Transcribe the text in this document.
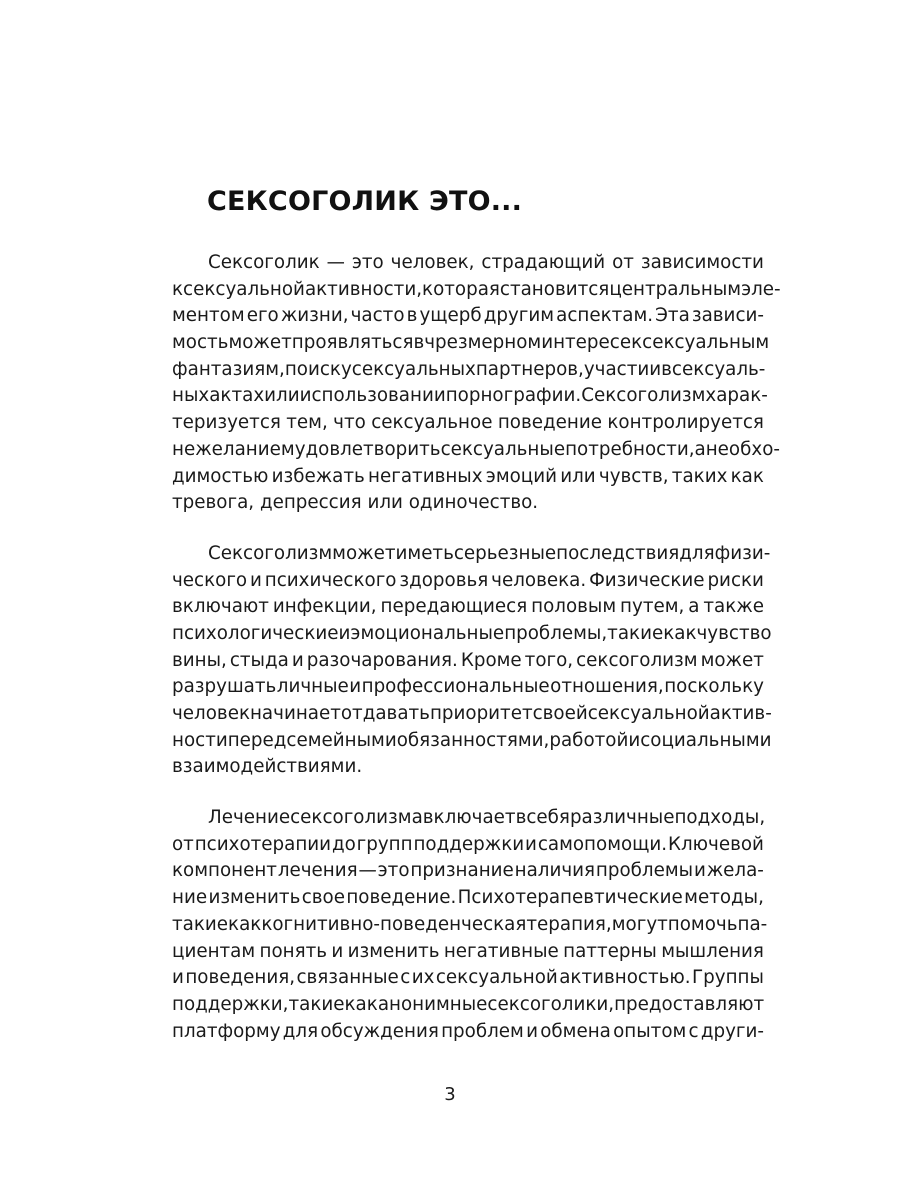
СЕКСОГОЛИК ЭТО...
Сексоголик — это человек, страдающий от зависимости
к сексуальной активности, которая становится центральным эле-
ментом его жизни, часто в ущерб другим аспектам. Эта зависи-
мость может проявляться в чрезмерном интересе к сексуальным
фантазиям, поиску сексуальных партнеров, участии в сексуаль-
ных актах или использовании порнографии. Сексоголизм харак-
теризуется тем, что сексуальное поведение контролируется
не желанием удовлетворить сексуальные потребности, а необхо-
димостью избежать негативных эмоций или чувств, таких как
тревога, депрессия или одиночество.
Сексоголизм может иметь серьезные последствия для физи-
ческого и психического здоровья человека. Физические риски
включают инфекции, передающиеся половым путем, а также
психологические и эмоциональные проблемы, такие как чувство
вины, стыда и разочарования. Кроме того, сексоголизм может
разрушать личные и профессиональные отношения, поскольку
человек начинает отдавать приоритет своей сексуальной актив-
ности перед семейными обязанностями, работой и социальными
взаимодействиями.
Лечение сексоголизма включает в себя различные подходы,
от психотерапии до групп поддержки и самопомощи. Ключевой
компонент лечения — это признание наличия проблемы и жела-
ние изменить свое поведение. Психотерапевтические методы,
такие как когнитивно-поведенческая терапия, могут помочь па-
циентам понять и изменить негативные паттерны мышления
и поведения, связанные с их сексуальной активностью. Группы
поддержки, такие как анонимные сексоголики, предоставляют
платформу для обсуждения проблем и обмена опытом с други-
3
